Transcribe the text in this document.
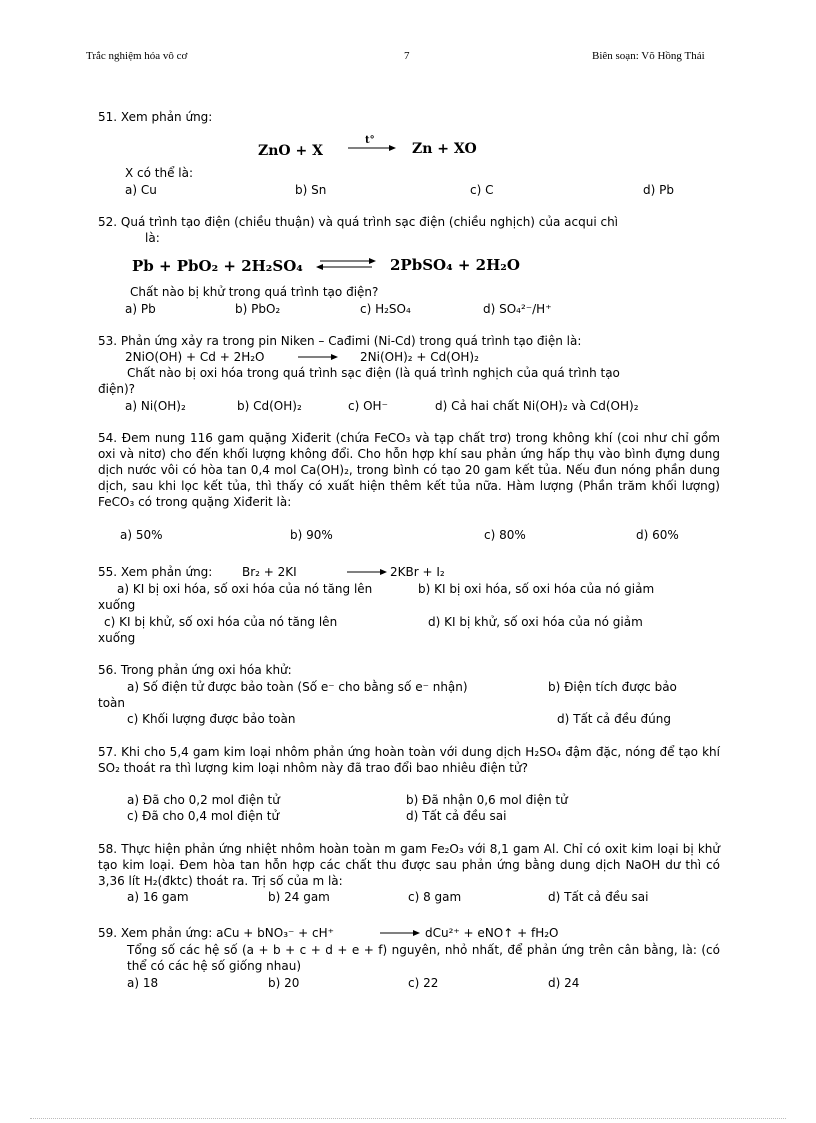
Trắc nghiệm hóa vô cơ	7	Biên soạn: Võ Hồng Thái
51. Xem phản ứng:
ZnO + X
t°
Zn + XO
X có thể là:
a) Cu	b) Sn	c) C	d) Pb
52. Quá trình tạo điện (chiều thuận) và quá trình sạc điện (chiều nghịch) của acqui chì
là:
Pb + PbO₂ + 2H₂SO₄	2PbSO₄ + 2H₂O
Chất nào bị khử trong quá trình tạo điện?
a) Pb	b) PbO₂	c) H₂SO₄	d) SO₄²⁻/H⁺
53. Phản ứng xảy ra trong pin Niken – Cađimi (Ni-Cd) trong quá trình tạo điện là:
2NiO(OH) + Cd + 2H₂O	2Ni(OH)₂ + Cd(OH)₂
Chất nào bị oxi hóa trong quá trình sạc điện (là quá trình nghịch của quá trình tạo
điện)?
a) Ni(OH)₂	b) Cd(OH)₂	c) OH⁻	d) Cả hai chất Ni(OH)₂ và Cd(OH)₂
54. Đem nung 116 gam quặng Xiđerit (chứa FeCO₃ và tạp chất trơ) trong không khí (coi như chỉ gồm oxi và nitơ) cho đến khối lượng không đổi. Cho hỗn hợp khí sau phản ứng hấp thụ vào bình đựng dung dịch nước vôi có hòa tan 0,4 mol Ca(OH)₂, trong bình có tạo 20 gam kết tủa. Nếu đun nóng phần dung dịch, sau khi lọc kết tủa, thì thấy có xuất hiện thêm kết tủa nữa. Hàm lượng (Phần trăm khối lượng) FeCO₃ có trong quặng Xiđerit là:
a) 50%	b) 90%	c) 80%	d) 60%
55. Xem phản ứng: Br₂ + 2KI	2KBr + I₂
a) KI bị oxi hóa, số oxi hóa của nó tăng lên	b) KI bị oxi hóa, số oxi hóa của nó giảm
xuống
c) KI bị khử, số oxi hóa của nó tăng lên	d) KI bị khử, số oxi hóa của nó giảm
xuống
56. Trong phản ứng oxi hóa khử:
a) Số điện tử được bảo toàn (Số e⁻ cho bằng số e⁻ nhận)	b) Điện tích được bảo
toàn
c) Khối lượng được bảo toàn	d) Tất cả đều đúng
57. Khi cho 5,4 gam kim loại nhôm phản ứng hoàn toàn với dung dịch H₂SO₄ đậm đặc, nóng để tạo khí SO₂ thoát ra thì lượng kim loại nhôm này đã trao đổi bao nhiêu điện tử?
a) Đã cho 0,2 mol điện tử	b) Đã nhận 0,6 mol điện tử
c) Đã cho 0,4 mol điện tử	d) Tất cả đều sai
58. Thực hiện phản ứng nhiệt nhôm hoàn toàn m gam Fe₂O₃ với 8,1 gam Al. Chỉ có oxit kim loại bị khử tạo kim loại. Đem hòa tan hỗn hợp các chất thu được sau phản ứng bằng dung dịch NaOH dư thì có 3,36 lít H₂(đktc) thoát ra. Trị số của m là:
a) 16 gam	b) 24 gam	c) 8 gam	d) Tất cả đều sai
59. Xem phản ứng: aCu + bNO₃⁻ + cH⁺	dCu²⁺ + eNO↑ + fH₂O
Tổng số các hệ số (a + b + c + d + e + f) nguyên, nhỏ nhất, để phản ứng trên cân bằng, là: (có thể có các hệ số giống nhau)
a) 18	b) 20	c) 22	d) 24
